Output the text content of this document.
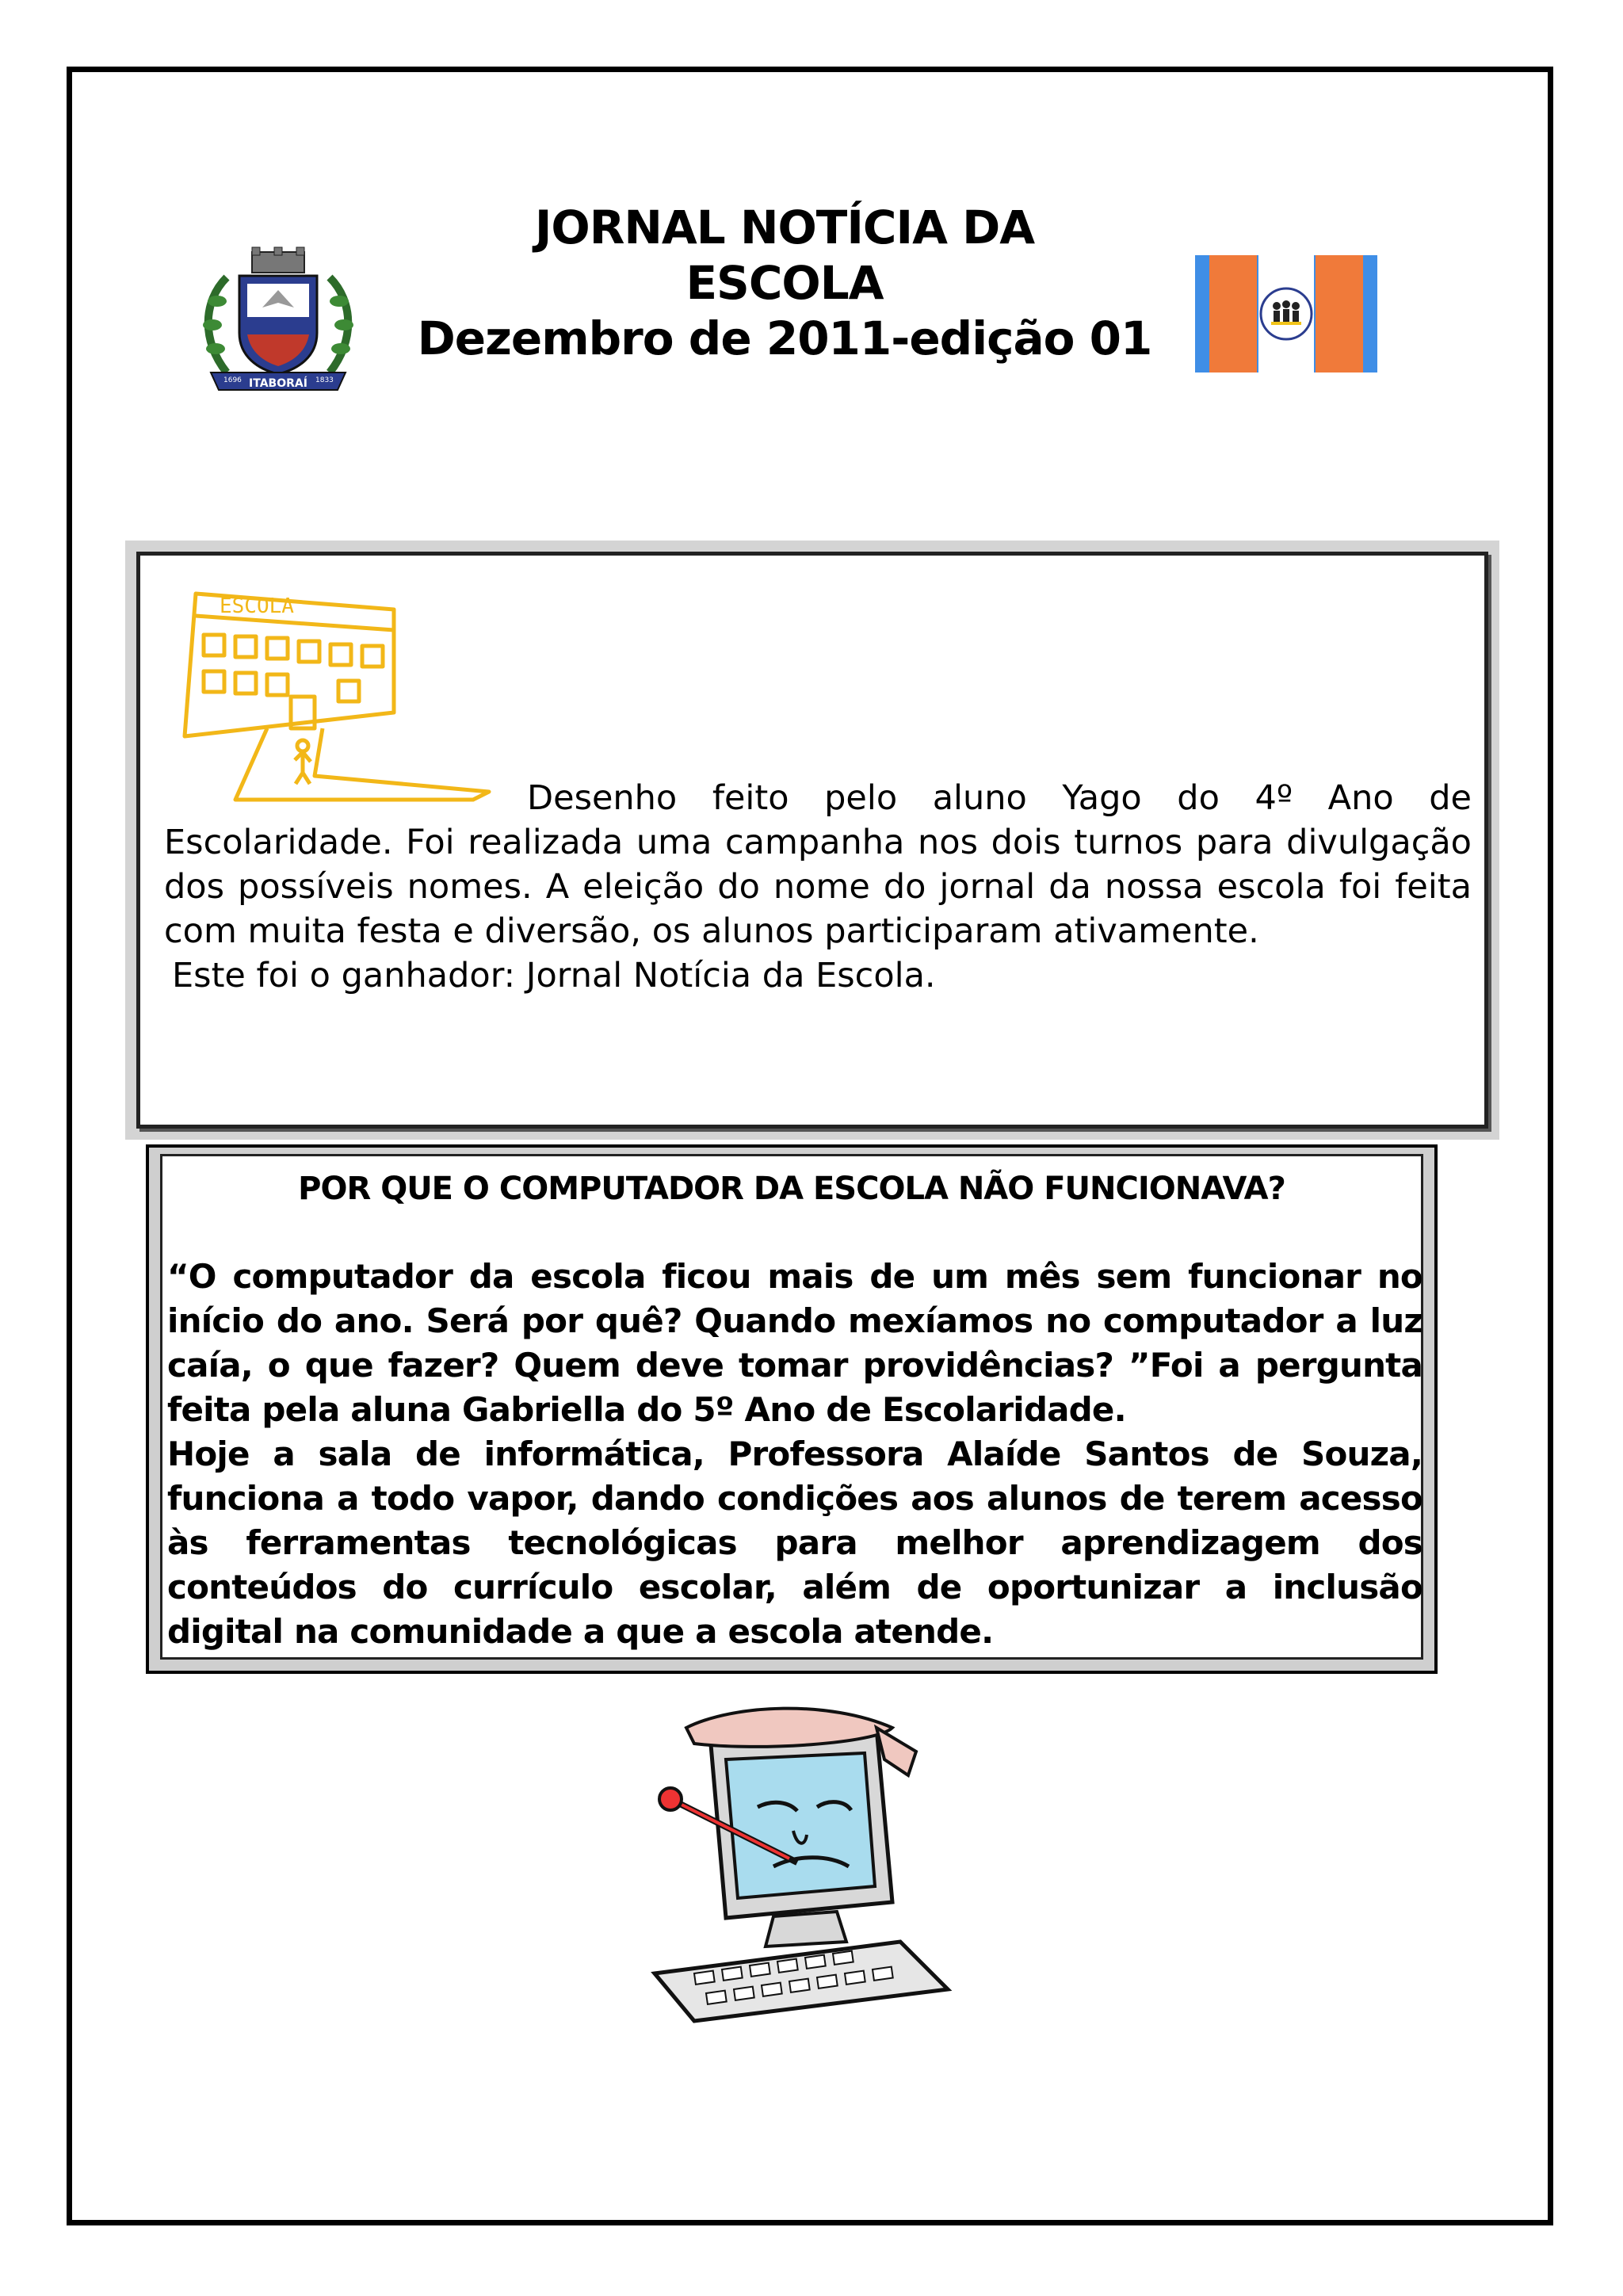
ITABORAÍ
1696	1833
JORNAL NOTÍCIA DA
ESCOLA
Dezembro de 2011-edição 01
ESCOLA

Desenho feito pelo aluno Yago do 4º Ano de Escolaridade. Foi realizada uma campanha nos dois turnos para divulgação dos possíveis nomes. A eleição do nome do jornal da nossa escola foi feita com muita festa e diversão, os alunos participaram ativamente.

Este foi o ganhador: Jornal Notícia da Escola.

POR QUE O COMPUTADOR DA ESCOLA NÃO FUNCIONAVA?

“O computador da escola ficou mais de um mês sem funcionar no início do ano. Será por quê? Quando mexíamos no computador a luz caía, o que fazer? Quem deve tomar providências? ”Foi a pergunta feita pela aluna Gabriella do 5º Ano de Escolaridade.

Hoje a sala de informática, Professora Alaíde Santos de Souza, funciona a todo vapor, dando condições aos alunos de terem acesso às ferramentas tecnológicas para melhor aprendizagem dos conteúdos do currículo escolar, além de oportunizar a inclusão digital na comunidade a que a escola atende.
